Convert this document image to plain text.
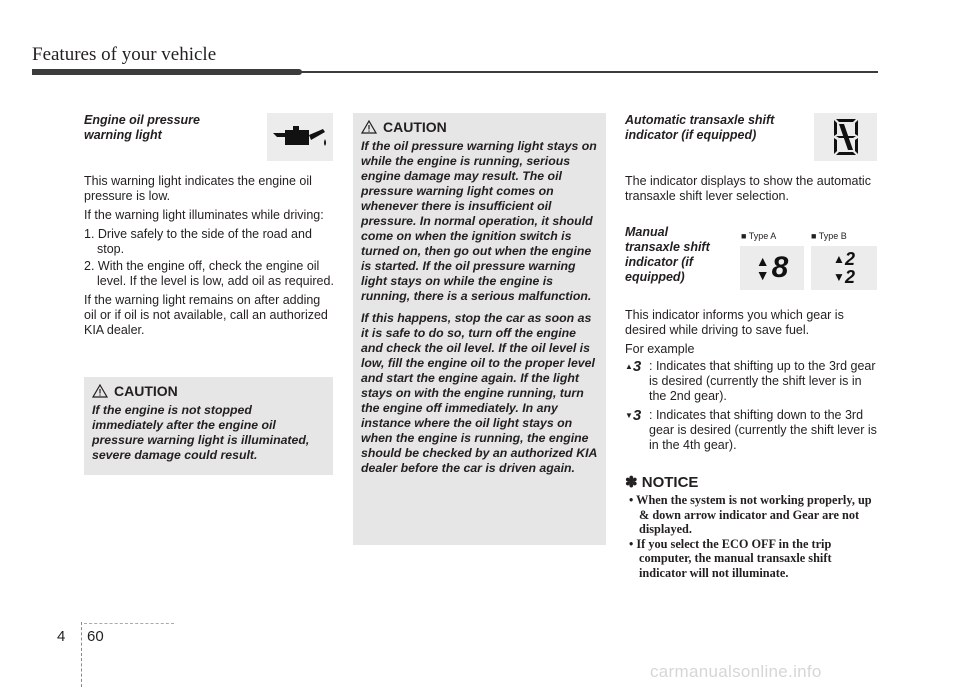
Features of your vehicle
Engine oil pressure warning light

This warning light indicates the engine oil pressure is low.

If the warning light illuminates while driving:

1. Drive safely to the side of the road and stop.
2. With the engine off, check the engine oil level. If the level is low, add oil as required.

If the warning light remains on after adding oil or if oil is not available, call an authorized KIA dealer.

CAUTION
If the engine is not stopped immediately after the engine oil pressure warning light is illuminated, severe damage could result.
CAUTION

If the oil pressure warning light stays on while the engine is running, serious engine damage may result. The oil pressure warning light comes on whenever there is insufficient oil pressure. In normal operation, it should come on when the ignition switch is turned on, then go out when the engine is started. If the oil pressure warning light stays on while the engine is running, there is a serious malfunction.

If this happens, stop the car as soon as it is safe to do so, turn off the engine and check the oil level. If the oil level is low, fill the engine oil to the proper level and start the engine again. If the light stays on with the engine running, turn the engine off immediately. In any instance where the oil light stays on when the engine is running, the engine should be checked by an authorized KIA dealer before the car is driven again.

Automatic transaxle shift indicator (if equipped)
The indicator displays to show the automatic transaxle shift lever selection.
Manual transaxle shift indicator (if equipped)

This indicator informs you which gear is desired while driving to save fuel.

For example

▲3 : Indicates that shifting up to the 3rd gear is desired (currently the shift lever is in the 2nd gear).
▼3 : Indicates that shifting down to the 3rd gear is desired (currently the shift lever is in the 4th gear).
✽ NOTICE
• When the system is not working properly, up & down arrow indicator and Gear are not displayed.
• If you select the ECO OFF in the trip computer, the manual transaxle shift indicator will not illuminate.
■ Type A	■ Type B
▲
▼ 8	▲ 2
▼ 2
4 60
carmanualsonline.info
